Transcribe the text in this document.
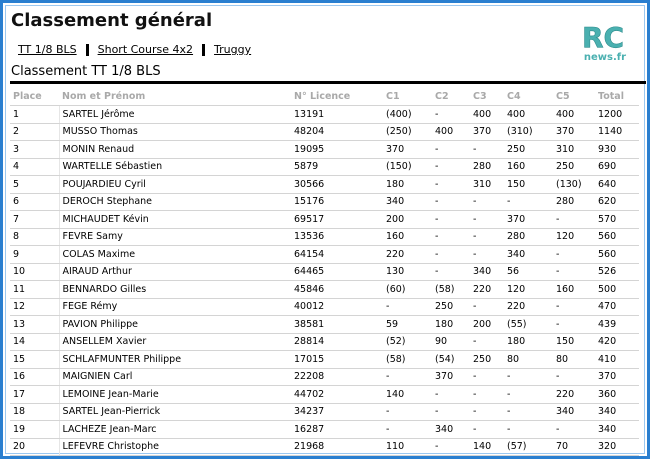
Classement général
RC
news.fr
TT 1/8 BLS Short Course 4x2 Truggy
Classement TT 1/8 BLS
Place	Nom et Prénom	N° Licence	C1	C2	C3	C4	C5	Total
1	SARTEL Jérôme	13191	(400)	-	400	400	400	1200
2	MUSSO Thomas	48204	(250)	400	370	(310)	370	1140
3	MONIN Renaud	19095	370	-	-	250	310	930
4	WARTELLE Sébastien	5879	(150)	-	280	160	250	690
5	POUJARDIEU Cyril	30566	180	-	310	150	(130)	640
6	DEROCH Stephane	15176	340	-	-	-	280	620
7	MICHAUDET Kévin	69517	200	-	-	370	-	570
8	FEVRE Samy	13536	160	-	-	280	120	560
9	COLAS Maxime	64154	220	-	-	340	-	560
10	AIRAUD Arthur	64465	130	-	340	56	-	526
11	BENNARDO Gilles	45846	(60)	(58)	220	120	160	500
12	FEGE Rémy	40012	-	250	-	220	-	470
13	PAVION Philippe	38581	59	180	200	(55)	-	439
14	ANSELLEM Xavier	28814	(52)	90	-	180	150	420
15	SCHLAFMUNTER Philippe	17015	(58)	(54)	250	80	80	410
16	MAIGNIEN Carl	22208	-	370	-	-	-	370
17	LEMOINE Jean-Marie	44702	140	-	-	-	220	360
18	SARTEL Jean-Pierrick	34237	-	-	-	-	340	340
19	LACHEZE Jean-Marc	16287	-	340	-	-	-	340
20	LEFEVRE Christophe	21968	110	-	140	(57)	70	320
